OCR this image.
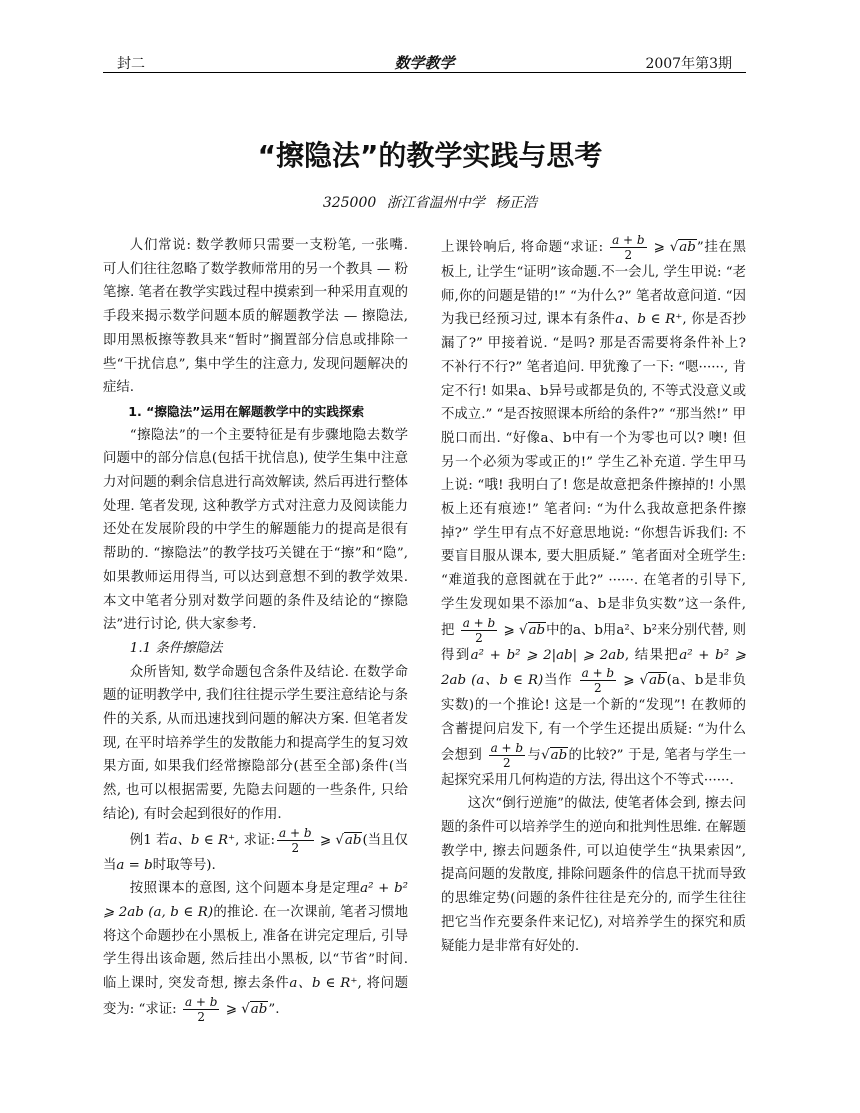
封二	数学教学	2007年第3期
“擦隐法”的教学实践与思考
325000 浙江省温州中学 杨正浩

人们常说: 数学教师只需要一支粉笔, 一张嘴. 可人们往往忽略了数学教师常用的另一个教具 — 粉笔擦. 笔者在教学实践过程中摸索到一种采用直观的手段来揭示数学问题本质的解题教学法 — 擦隐法, 即用黑板擦等教具来“暂时”搁置部分信息或排除一些“干扰信息”, 集中学生的注意力, 发现问题解决的症结.

1. “擦隐法”运用在解题教学中的实践探索

“擦隐法”的一个主要特征是有步骤地隐去数学问题中的部分信息(包括干扰信息), 使学生集中注意力对问题的剩余信息进行高效解读, 然后再进行整体处理. 笔者发现, 这种教学方式对注意力及阅读能力还处在发展阶段的中学生的解题能力的提高是很有帮助的. “擦隐法”的教学技巧关键在于“擦”和“隐”, 如果教师运用得当, 可以达到意想不到的教学效果. 本文中笔者分别对数学问题的条件及结论的“擦隐法”进行讨论, 供大家参考.

1.1 条件擦隐法

众所皆知, 数学命题包含条件及结论. 在数学命题的证明教学中, 我们往往提示学生要注意结论与条件的关系, 从而迅速找到问题的解决方案. 但笔者发现, 在平时培养学生的发散能力和提高学生的复习效果方面, 如果我们经常擦隐部分(甚至全部)条件(当然, 也可以根据需要, 先隐去问题的一些条件, 只给结论), 有时会起到很好的作用.

例1 若a、b ∈ R⁺, 求证: $\frac{a + b}{2}$ ⩾ √ab(当且仅当a = b时取等号).

按照课本的意图, 这个问题本身是定理a² + b² ⩾ 2ab (a, b ∈ R)的推论. 在一次课前, 笔者习惯地将这个命题抄在小黑板上, 准备在讲完定理后, 引导学生得出该命题, 然后挂出小黑板, 以“节省”时间. 临上课时, 突发奇想, 擦去条件a、b ∈ R⁺, 将问题变为: “求证: $\frac{a + b}{2}$ ⩾ √ab”.

上课铃响后, 将命题“求证: $\frac{a + b}{2}$ ⩾ √ab”挂在黑板上, 让学生“证明”该命题.不一会儿, 学生甲说: “老师,你的问题是错的!” “为什么?” 笔者故意问道. “因为我已经预习过, 课本有条件a、b ∈ R⁺, 你是否抄漏了?” 甲接着说. “是吗? 那是否需要将条件补上? 不补行不行?” 笔者追问. 甲犹豫了一下: “嗯······, 肯定不行! 如果a、b异号或都是负的, 不等式没意义或不成立.” “是否按照课本所给的条件?” “那当然!” 甲脱口而出. “好像a、b中有一个为零也可以? 噢! 但另一个必须为零或正的!” 学生乙补充道. 学生甲马上说: “哦! 我明白了! 您是故意把条件擦掉的! 小黑板上还有痕迹!” 笔者问: “为什么我故意把条件擦掉?” 学生甲有点不好意思地说: “你想告诉我们: 不要盲目服从课本, 要大胆质疑.” 笔者面对全班学生: “难道我的意图就在于此?” ······. 在笔者的引导下, 学生发现如果不添加“a、b是非负实数”这一条件, 把 $\frac{a + b}{2}$ ⩾ √ab中的a、b用a²、b²来分别代替, 则得到a² + b² ⩾ 2|ab| ⩾ 2ab, 结果把a² + b² ⩾ 2ab (a、b ∈ R)当作 $\frac{a + b}{2}$ ⩾ √ab(a、b是非负实数)的一个推论! 这是一个新的“发现”! 在教师的含蓄提问启发下, 有一个学生还提出质疑: “为什么会想到 $\frac{a + b}{2}$ 与√ab的比较?” 于是, 笔者与学生一起探究采用几何构造的方法, 得出这个不等式······.

这次“倒行逆施”的做法, 使笔者体会到, 擦去问题的条件可以培养学生的逆向和批判性思维. 在解题教学中, 擦去问题条件, 可以迫使学生“执果索因”, 提高问题的发散度, 排除问题条件的信息干扰而导致的思维定势(问题的条件往往是充分的, 而学生往往把它当作充要条件来记忆), 对培养学生的探究和质疑能力是非常有好处的.
